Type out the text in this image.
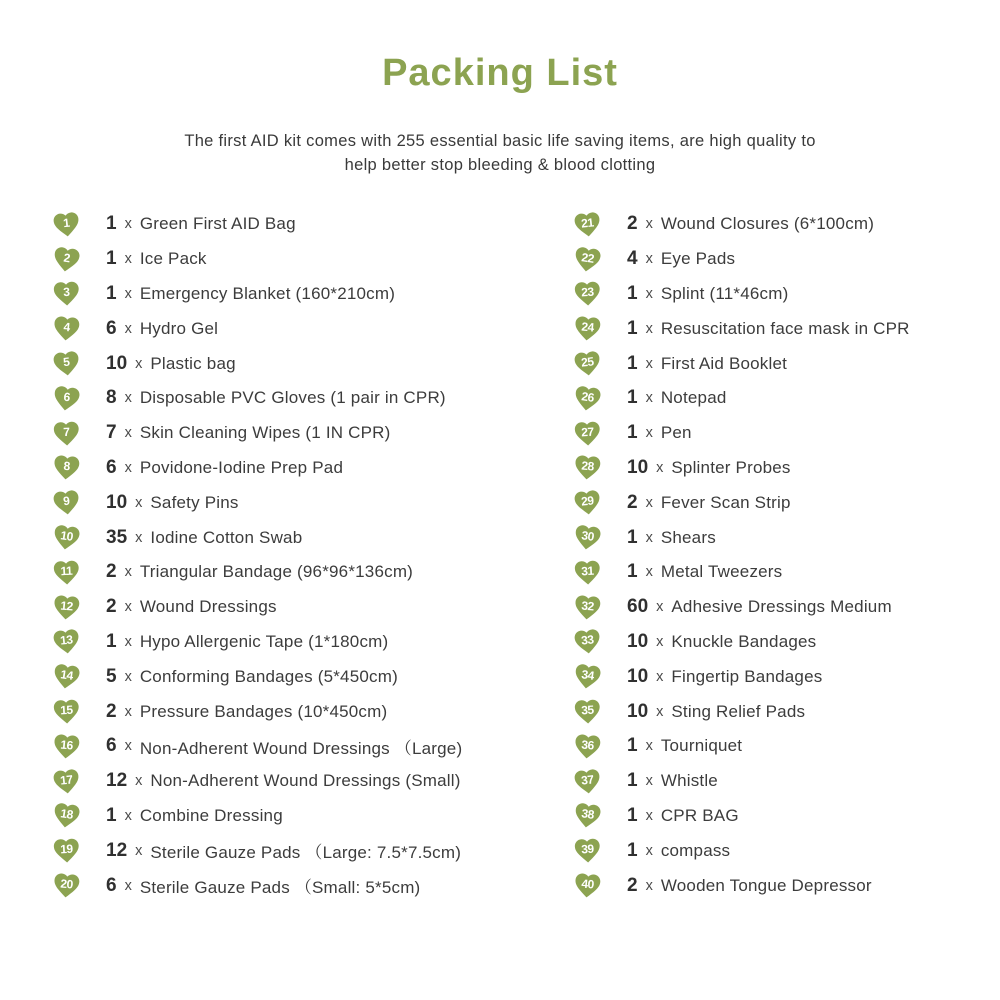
Packing List
The first AID kit comes with 255 essential basic life saving items, are high quality to
help better stop bleeding & blood clotting
1	1 x Green First AID Bag
2	1 x Ice Pack
3	1 x Emergency Blanket (160*210cm)
4	6 x Hydro Gel
5	10 x Plastic bag
6	8 x Disposable PVC Gloves (1 pair in CPR)
7	7 x Skin Cleaning Wipes (1 IN CPR)
8	6 x Povidone-Iodine Prep Pad
9	10 x Safety Pins
10	35 x Iodine Cotton Swab
11	2 x Triangular Bandage (96*96*136cm)
12	2 x Wound Dressings
13	1 x Hypo Allergenic Tape (1*180cm)
14	5 x Conforming Bandages (5*450cm)
15	2 x Pressure Bandages (10*450cm)
16	6 x Non-Adherent Wound Dressings （Large)
17	12 x Non-Adherent Wound Dressings (Small)
18	1 x Combine Dressing
19	12 x Sterile Gauze Pads （Large: 7.5*7.5cm)
20	6 x Sterile Gauze Pads （Small: 5*5cm)
21	2 x Wound Closures (6*100cm)
22	4 x Eye Pads
23	1 x Splint (11*46cm)
24	1 x Resuscitation face mask in CPR
25	1 x First Aid Booklet
26	1 x Notepad
27	1 x Pen
28	10 x Splinter Probes
29	2 x Fever Scan Strip
30	1 x Shears
31	1 x Metal Tweezers
32	60 x Adhesive Dressings Medium
33	10 x Knuckle Bandages
34	10 x Fingertip Bandages
35	10 x Sting Relief Pads
36	1 x Tourniquet
37	1 x Whistle
38	1 x CPR BAG
39	1 x compass
40	2 x Wooden Tongue Depressor
